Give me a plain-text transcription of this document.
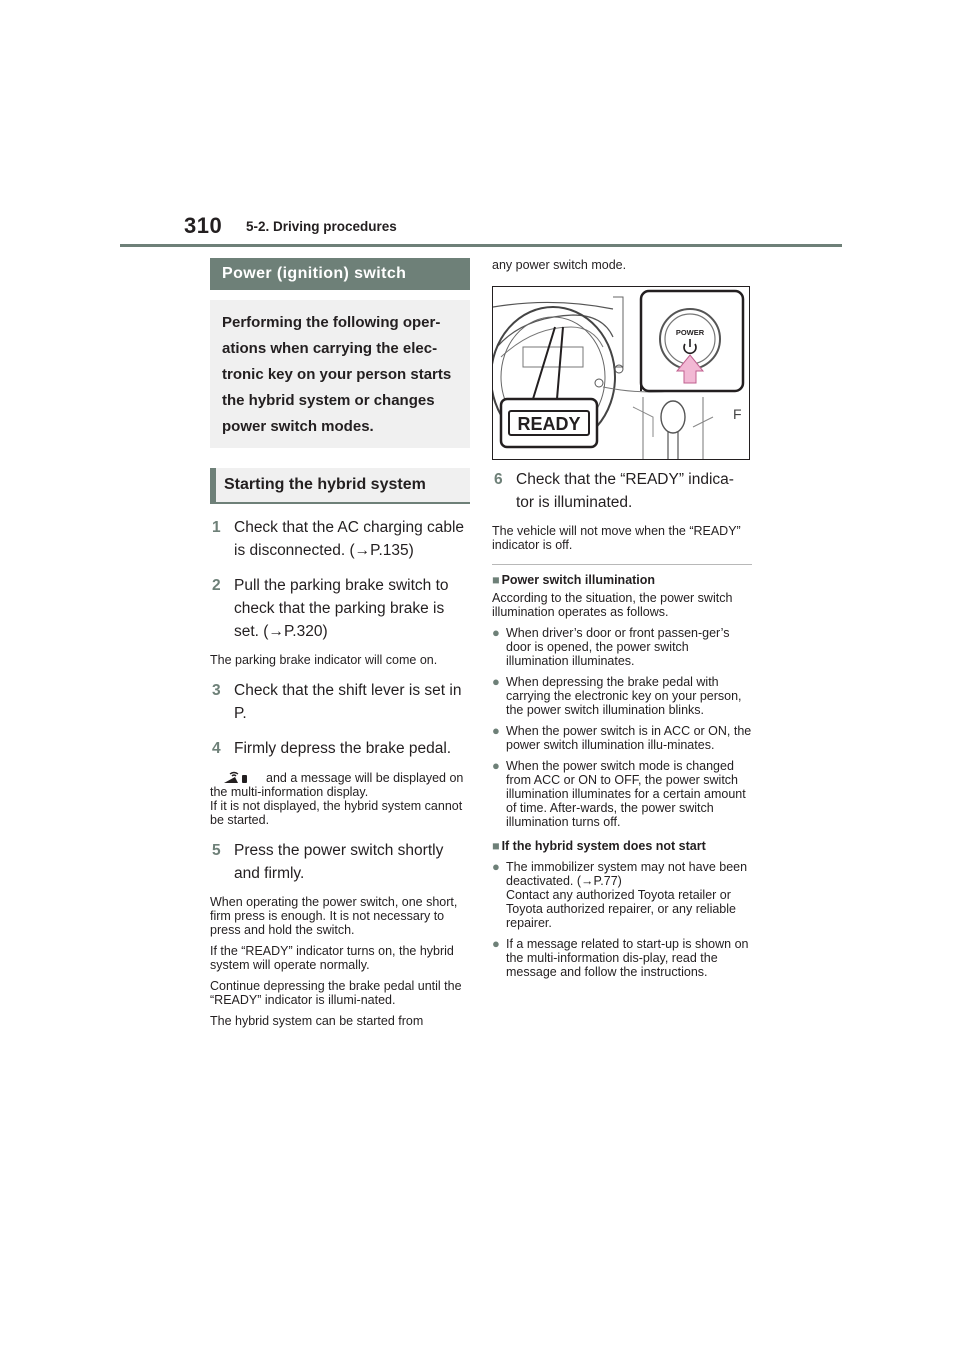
310 5-2. Driving procedures
Power (ignition) switch
Performing the following oper-ations when carrying the elec-tronic key on your person starts the hybrid system or changes power switch modes.
Starting the hybrid system
1 Check that the AC charging cable is disconnected. (→P.135)
2 Pull the parking brake switch to check that the parking brake is set. (→P.320)

The parking brake indicator will come on.

3 Check that the shift lever is set in P.
4 Firmly depress the brake pedal.

and a message will be displayed on the multi-information display.
If it is not displayed, the hybrid system cannot be started.

5 Press the power switch shortly and firmly.

When operating the power switch, one short, firm press is enough. It is not necessary to press and hold the switch.

If the “READY” indicator turns on, the hybrid system will operate normally.

Continue depressing the brake pedal until the “READY” indicator is illumi-nated.

The hybrid system can be started from

any power switch mode.
F
POWER
READY
6 Check that the “READY” indica-tor is illuminated.

The vehicle will not move when the “READY” indicator is off.

■ Power switch illumination
According to the situation, the power switch illumination operates as follows.
● When driver’s door or front passen-ger’s door is opened, the power switch illumination illuminates.
● When depressing the brake pedal with carrying the electronic key on your person, the power switch illumination blinks.
● When the power switch is in ACC or ON, the power switch illumination illu-minates.
● When the power switch mode is changed from ACC or ON to OFF, the power switch illumination illuminates for a certain amount of time. After-wards, the power switch illumination turns off.
■ If the hybrid system does not start
● The immobilizer system may not have been deactivated. (→P.77)
Contact any authorized Toyota retailer or Toyota authorized repairer, or any reliable repairer.
● If a message related to start-up is shown on the multi-information dis-play, read the message and follow the instructions.
